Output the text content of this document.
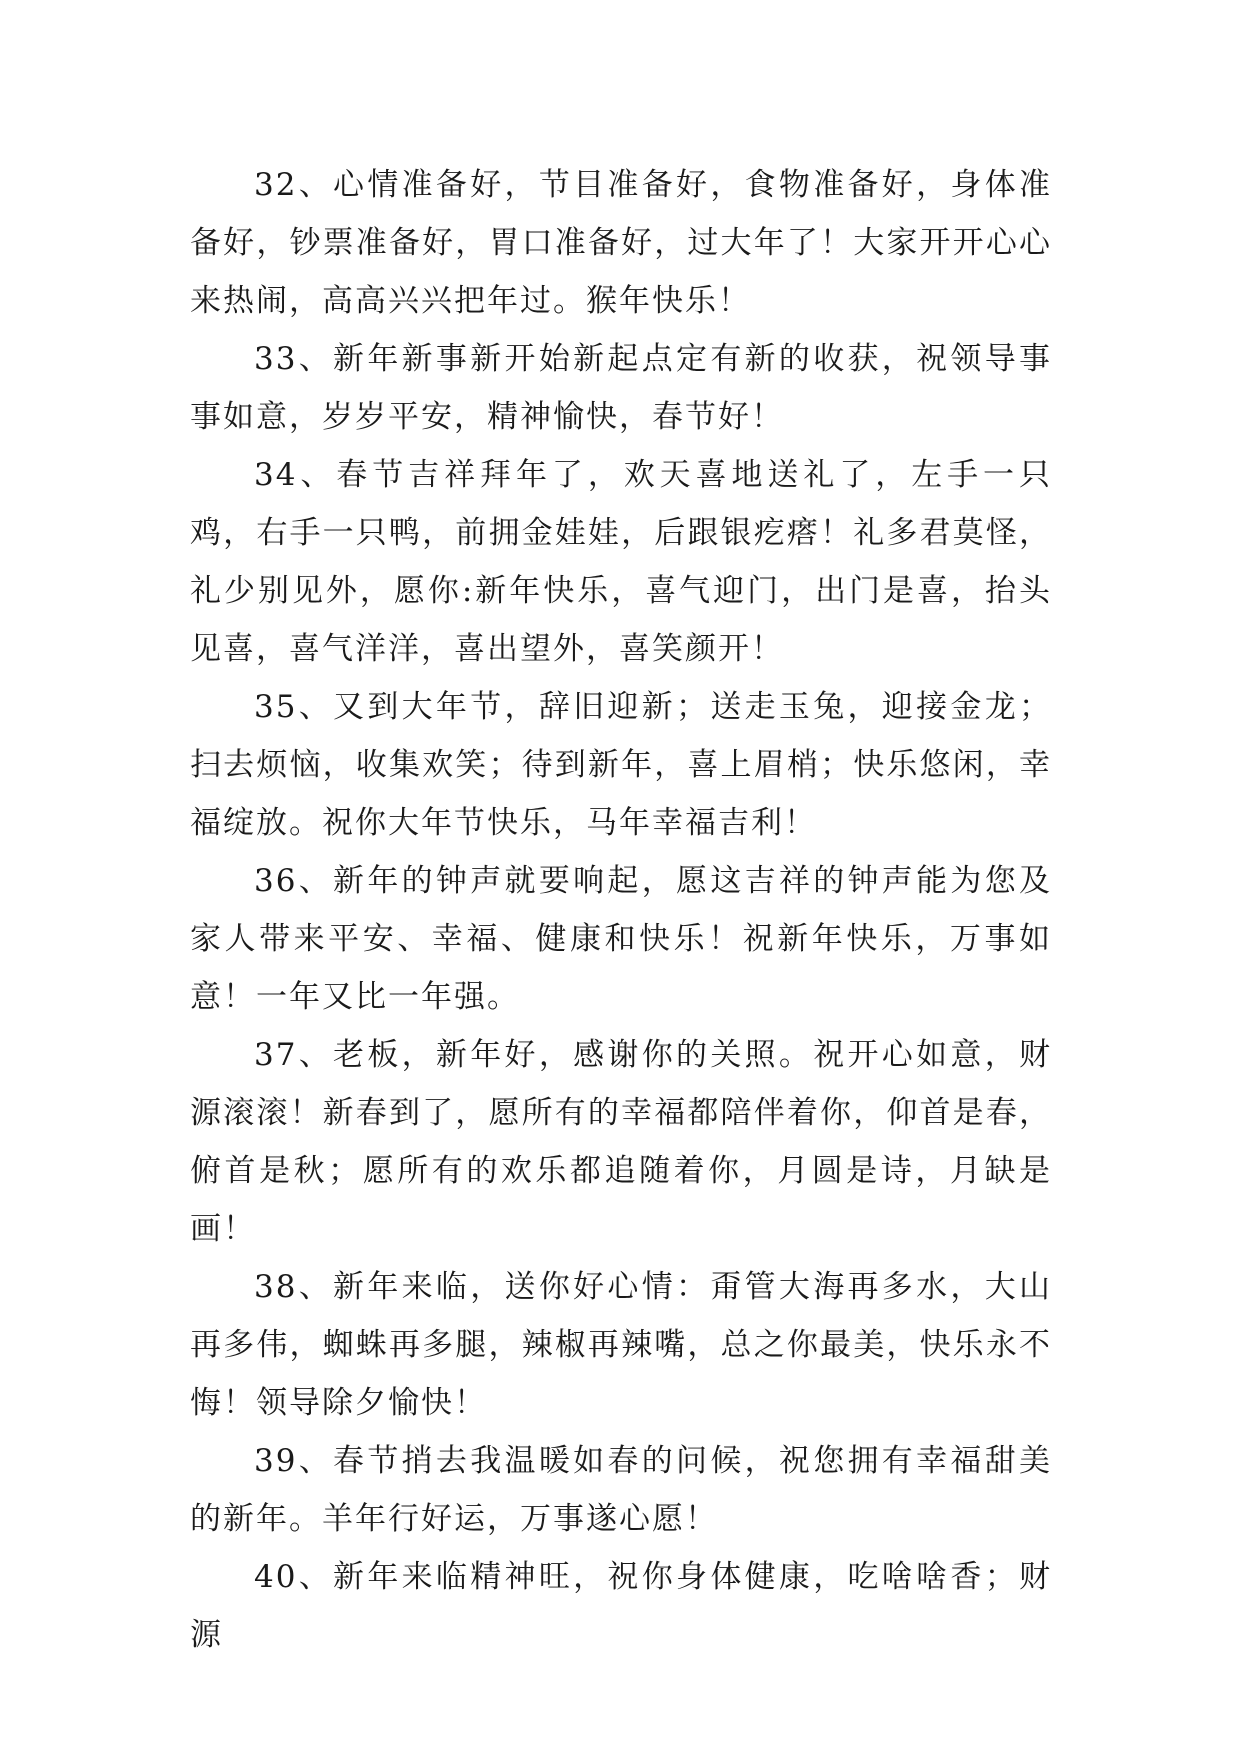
32、心情准备好，节目准备好，食物准备好，身体准备好，钞票准备好，胃口准备好，过大年了！大家开开心心来热闹，高高兴兴把年过。猴年快乐！

33、新年新事新开始新起点定有新的收获，祝领导事事如意，岁岁平安，精神愉快，春节好！

34、春节吉祥拜年了，欢天喜地送礼了，左手一只鸡，右手一只鸭，前拥金娃娃，后跟银疙瘩！礼多君莫怪，礼少别见外，愿你:新年快乐，喜气迎门，出门是喜，抬头见喜，喜气洋洋，喜出望外，喜笑颜开！

35、又到大年节，辞旧迎新；送走玉兔，迎接金龙；扫去烦恼，收集欢笑；待到新年，喜上眉梢；快乐悠闲，幸福绽放。祝你大年节快乐，马年幸福吉利！

36、新年的钟声就要响起，愿这吉祥的钟声能为您及家人带来平安、幸福、健康和快乐！祝新年快乐，万事如意！一年又比一年强。

37、老板，新年好，感谢你的关照。祝开心如意，财源滚滚！新春到了，愿所有的幸福都陪伴着你，仰首是春，俯首是秋；愿所有的欢乐都追随着你，月圆是诗，月缺是画！

38、新年来临，送你好心情：甭管大海再多水，大山再多伟，蜘蛛再多腿，辣椒再辣嘴，总之你最美，快乐永不悔！领导除夕愉快！

39、春节捎去我温暖如春的问候，祝您拥有幸福甜美的新年。羊年行好运，万事遂心愿！

40、新年来临精神旺，祝你身体健康，吃啥啥香；财源
